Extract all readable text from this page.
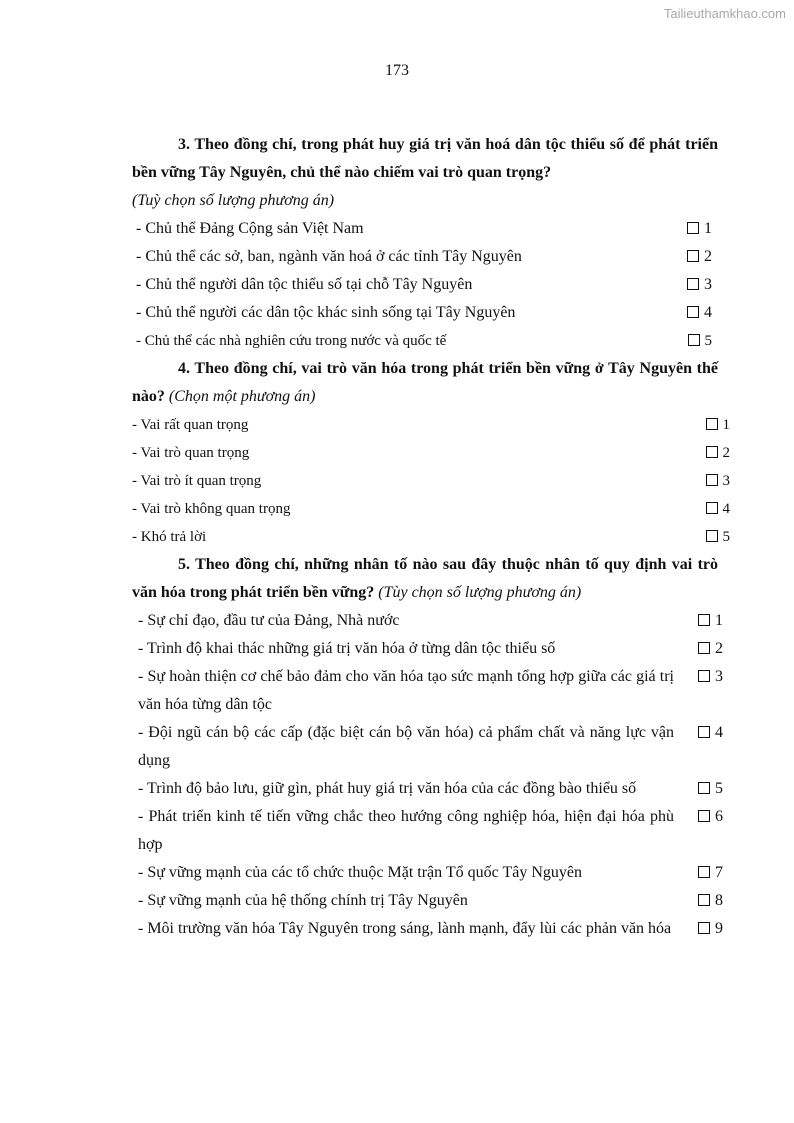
Tailieuthamkhao.com
173

3. Theo đồng chí, trong phát huy giá trị văn hoá dân tộc thiểu số để phát triển bền vững Tây Nguyên, chủ thể nào chiếm vai trò quan trọng?

(Tuỳ chọn số lượng phương án)

- Chủ thể Đảng Cộng sản Việt Nam	1
- Chủ thể các sở, ban, ngành văn hoá ở các tỉnh Tây Nguyên	2
- Chủ thể người dân tộc thiểu số tại chỗ Tây Nguyên	3
- Chủ thể người các dân tộc khác sinh sống tại Tây Nguyên	4
- Chủ thể các nhà nghiên cứu trong nước và quốc tế	5

4. Theo đồng chí, vai trò văn hóa trong phát triển bền vững ở Tây Nguyên thế nào? (Chọn một phương án)

- Vai rất quan trọng	1
- Vai trò quan trọng	2
- Vai trò ít quan trọng	3
- Vai trò không quan trọng	4
- Khó trả lời	5

5. Theo đồng chí, những nhân tố nào sau đây thuộc nhân tố quy định vai trò văn hóa trong phát triển bền vững? (Tùy chọn số lượng phương án)

- Sự chỉ đạo, đầu tư của Đảng, Nhà nước	1
- Trình độ khai thác những giá trị văn hóa ở từng dân tộc thiểu số	2
- Sự hoàn thiện cơ chế bảo đảm cho văn hóa tạo sức mạnh tổng hợp giữa các giá trị văn hóa từng dân tộc
3
- Đội ngũ cán bộ các cấp (đặc biệt cán bộ văn hóa) cả phẩm chất và năng lực vận dụng
4
- Trình độ bảo lưu, giữ gìn, phát huy giá trị văn hóa của các đồng bào thiểu số	5
- Phát triển kinh tế tiến vững chắc theo hướng công nghiệp hóa, hiện đại hóa phù hợp
6
- Sự vững mạnh của các tổ chức thuộc Mặt trận Tổ quốc Tây Nguyên	7
- Sự vững mạnh của hệ thống chính trị Tây Nguyên	8
- Môi trường văn hóa Tây Nguyên trong sáng, lành mạnh, đẩy lùi các phản văn hóa	9
